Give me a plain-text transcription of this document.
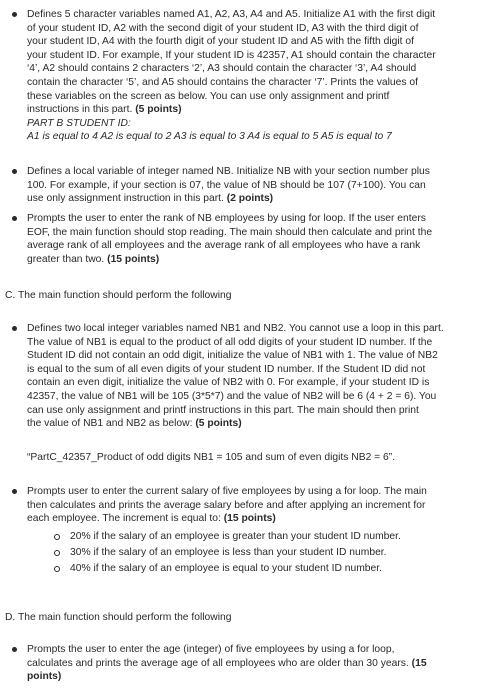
Defines 5 character variables named A1, A2, A3, A4 and A5. Initialize A1 with the first digit
of your student ID, A2 with the second digit of your student ID, A3 with the third digit of
your student ID, A4 with the fourth digit of your student ID and A5 with the fifth digit of
your student ID. For example, If your student ID is 42357, A1 should contain the character
‘4’, A2 should contains 2 characters ‘2’, A3 should contain the character ‘3’, A4 should
contain the character ‘5’, and A5 should contains the character ‘7’. Prints the values of
these variables on the screen as below. You can use only assignment and printf
instructions in this part. (5 points)
PART B STUDENT ID:
A1 is equal to 4 A2 is equal to 2 A3 is equal to 3 A4 is equal to 5 A5 is equal to 7
Defines a local variable of integer named NB. Initialize NB with your section number plus
100. For example, if your section is 07, the value of NB should be 107 (7+100). You can
use only assignment instruction in this part. (2 points)
Prompts the user to enter the rank of NB employees by using for loop. If the user enters
EOF, the main function should stop reading. The main should then calculate and print the
average rank of all employees and the average rank of all employees who have a rank
greater than two. (15 points)
C. The main function should perform the following
Defines two local integer variables named NB1 and NB2. You cannot use a loop in this part.
The value of NB1 is equal to the product of all odd digits of your student ID number. If the
Student ID did not contain an odd digit, initialize the value of NB1 with 1. The value of NB2
is equal to the sum of all even digits of your student ID number. If the Student ID did not
contain an even digit, initialize the value of NB2 with 0. For example, if your student ID is
42357, the value of NB1 will be 105 (3*5*7) and the value of NB2 will be 6 (4 + 2 = 6). You
can use only assignment and printf instructions in this part. The main should then print
the value of NB1 and NB2 as below: (5 points)
“PartC_42357_Product of odd digits NB1 = 105 and sum of even digits NB2 = 6”.
Prompts user to enter the current salary of five employees by using a for loop. The main
then calculates and prints the average salary before and after applying an increment for
each employee. The increment is equal to: (15 points)
20% if the salary of an employee is greater than your student ID number.
30% if the salary of an employee is less than your student ID number.
40% if the salary of an employee is equal to your student ID number.
D. The main function should perform the following
Prompts the user to enter the age (integer) of five employees by using a for loop,
calculates and prints the average age of all employees who are older than 30 years. (15
points)
